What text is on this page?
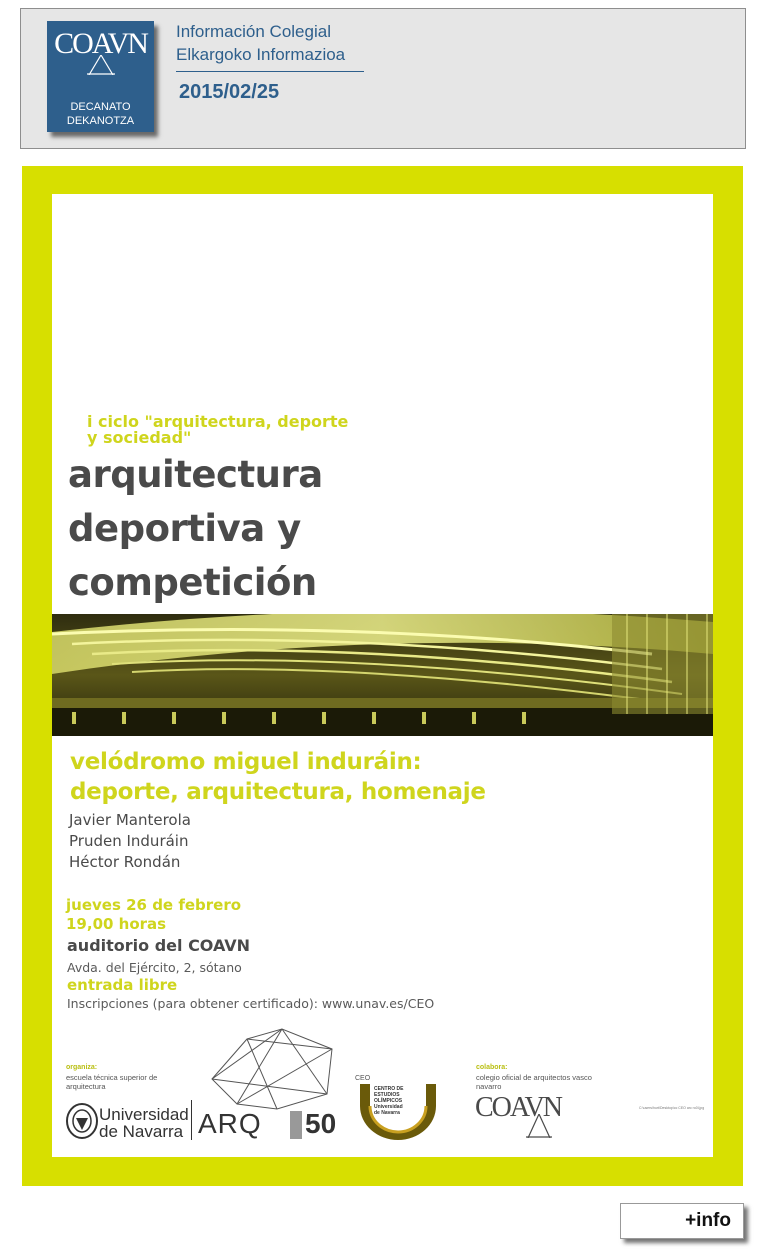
COAVN
DECANATO
DEKANOTZA
Información Colegial
Elkargoko Informazioa
2015/02/25
i ciclo "arquitectura, deporte
y sociedad"
arquitectura
deportiva y
competición
velódromo miguel induráin:
deporte, arquitectura, homenaje
Javier Manterola
Pruden Induráin
Héctor Rondán
jueves 26 de febrero
19,00 horas
auditorio del COAVN
Avda. del Ejército, 2, sótano
entrada libre
Inscripciones (para obtener certificado): www.unav.es/CEO
organiza:
escuela técnica superior de
arquitectura
Universidad
de Navarra ARQ 50
CEO
CENTRO DE
ESTUDIOS
OLÍMPICOS
Universidad
de Navarra
colabora:
colegio oficial de arquitectos vasco
navarro
COAVN	C:\users\hurt\Desktop\cc CEO arc ro0l.jpg
+info
